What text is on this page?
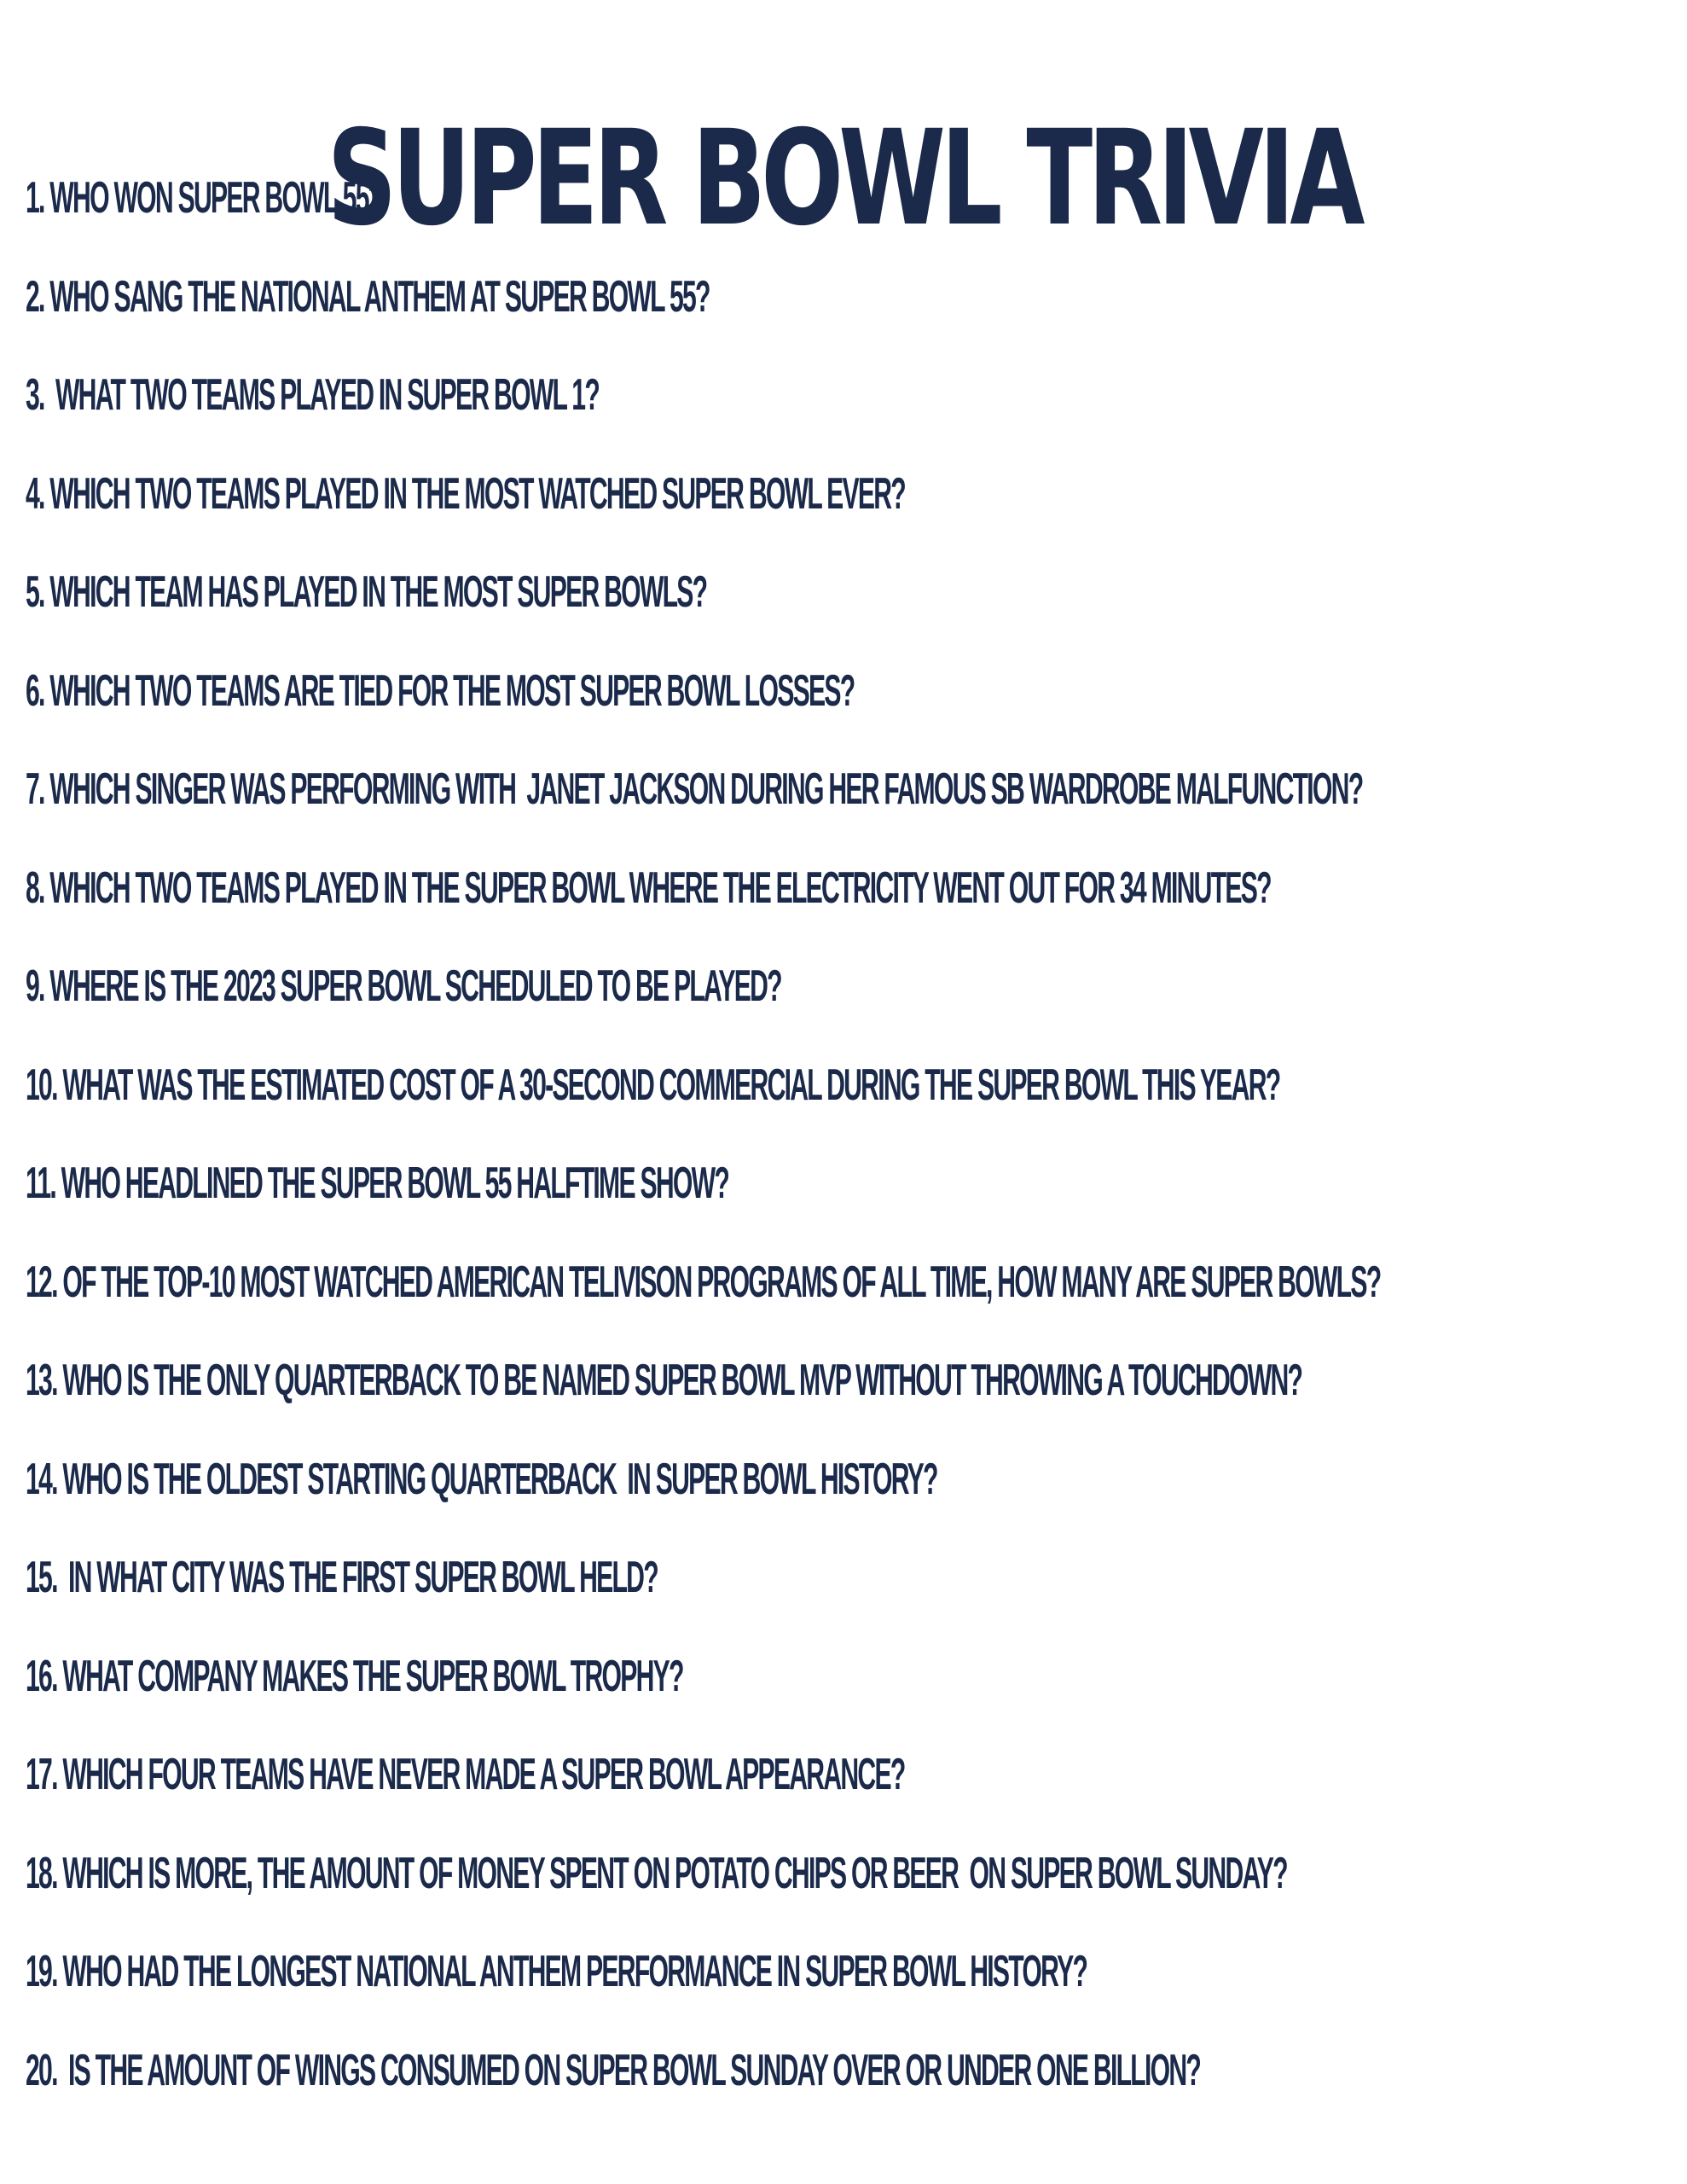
SUPER BOWL TRIVIA
1. WHO WON SUPER BOWL 55?
2. WHO SANG THE NATIONAL ANTHEM AT SUPER BOWL 55?
3.  WHAT TWO TEAMS PLAYED IN SUPER BOWL 1?
4. WHICH TWO TEAMS PLAYED IN THE MOST WATCHED SUPER BOWL EVER?
5. WHICH TEAM HAS PLAYED IN THE MOST SUPER BOWLS?
6. WHICH TWO TEAMS ARE TIED FOR THE MOST SUPER BOWL LOSSES?
7. WHICH SINGER WAS PERFORMING WITH  JANET JACKSON DURING HER FAMOUS SB WARDROBE MALFUNCTION?
8. WHICH TWO TEAMS PLAYED IN THE SUPER BOWL WHERE THE ELECTRICITY WENT OUT FOR 34 MINUTES?
9. WHERE IS THE 2023 SUPER BOWL SCHEDULED TO BE PLAYED?
10. WHAT WAS THE ESTIMATED COST OF A 30-SECOND COMMERCIAL DURING THE SUPER BOWL THIS YEAR?
11. WHO HEADLINED THE SUPER BOWL 55 HALFTIME SHOW?
12. OF THE TOP-10 MOST WATCHED AMERICAN TELIVISON PROGRAMS OF ALL TIME, HOW MANY ARE SUPER BOWLS?
13. WHO IS THE ONLY QUARTERBACK TO BE NAMED SUPER BOWL MVP WITHOUT THROWING A TOUCHDOWN?
14. WHO IS THE OLDEST STARTING QUARTERBACK  IN SUPER BOWL HISTORY?
15.  IN WHAT CITY WAS THE FIRST SUPER BOWL HELD?
16. WHAT COMPANY MAKES THE SUPER BOWL TROPHY?
17. WHICH FOUR TEAMS HAVE NEVER MADE A SUPER BOWL APPEARANCE?
18. WHICH IS MORE, THE AMOUNT OF MONEY SPENT ON POTATO CHIPS OR BEER  ON SUPER BOWL SUNDAY?
19. WHO HAD THE LONGEST NATIONAL ANTHEM PERFORMANCE IN SUPER BOWL HISTORY?
20.  IS THE AMOUNT OF WINGS CONSUMED ON SUPER BOWL SUNDAY OVER OR UNDER ONE BILLION?
